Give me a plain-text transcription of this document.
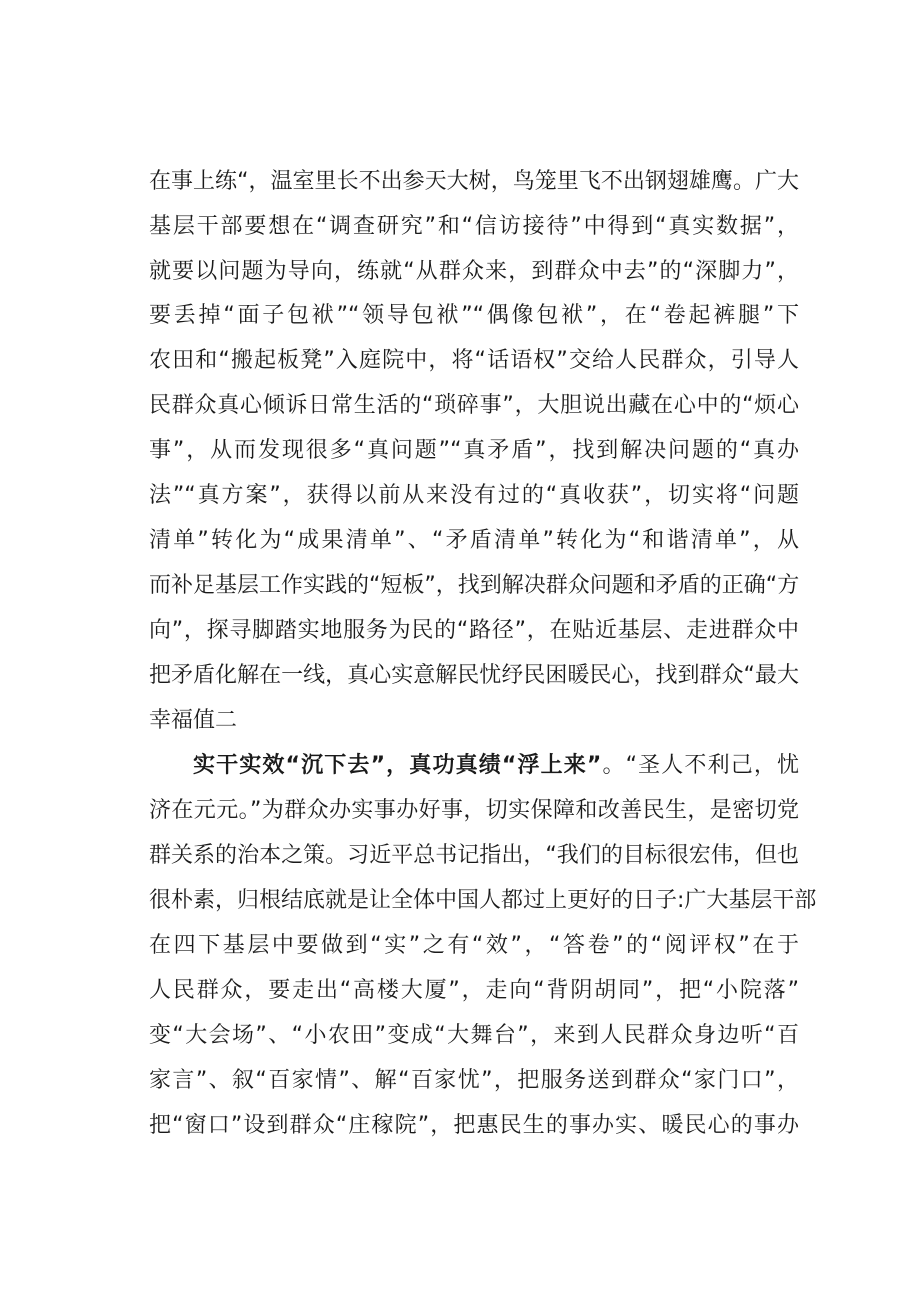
在事上练“，温室里长不出参天大树，鸟笼里飞不出钢翅雄鹰。广大
基层干部要想在“调查研究”和“信访接待”中得到“真实数据”，
就要以问题为导向，练就“从群众来，到群众中去”的“深脚力”，
要丢掉“面子包袱”“领导包袱”“偶像包袱”，在“卷起裤腿”下
农田和“搬起板凳”入庭院中，将“话语权”交给人民群众，引导人
民群众真心倾诉日常生活的“琐碎事”，大胆说出藏在心中的“烦心
事”，从而发现很多“真问题”“真矛盾”，找到解决问题的“真办
法”“真方案”，获得以前从来没有过的“真收获”，切实将“问题
清单”转化为“成果清单”、“矛盾清单”转化为“和谐清单”，从
而补足基层工作实践的“短板”，找到解决群众问题和矛盾的正确“方
向”，探寻脚踏实地服务为民的“路径”，在贴近基层、走进群众中
把矛盾化解在一线，真心实意解民忧纾民困暖民心，找到群众“最大
幸福值二
实干实效“沉下去”，真功真绩“浮上来”。“圣人不利己，忧
济在元元。”为群众办实事办好事，切实保障和改善民生，是密切党
群关系的治本之策。习近平总书记指出，“我们的目标很宏伟，但也
很朴素，归根结底就是让全体中国人都过上更好的日子:广大基层干部
在四下基层中要做到“实”之有“效”，“答卷”的“阅评权”在于
人民群众，要走出“高楼大厦”，走向“背阴胡同”，把“小院落”
变“大会场”、“小农田”变成“大舞台”，来到人民群众身边听“百
家言”、叙“百家情”、解“百家忧”，把服务送到群众“家门口”，
把“窗口”设到群众“庄稼院”，把惠民生的事办实、暖民心的事办
